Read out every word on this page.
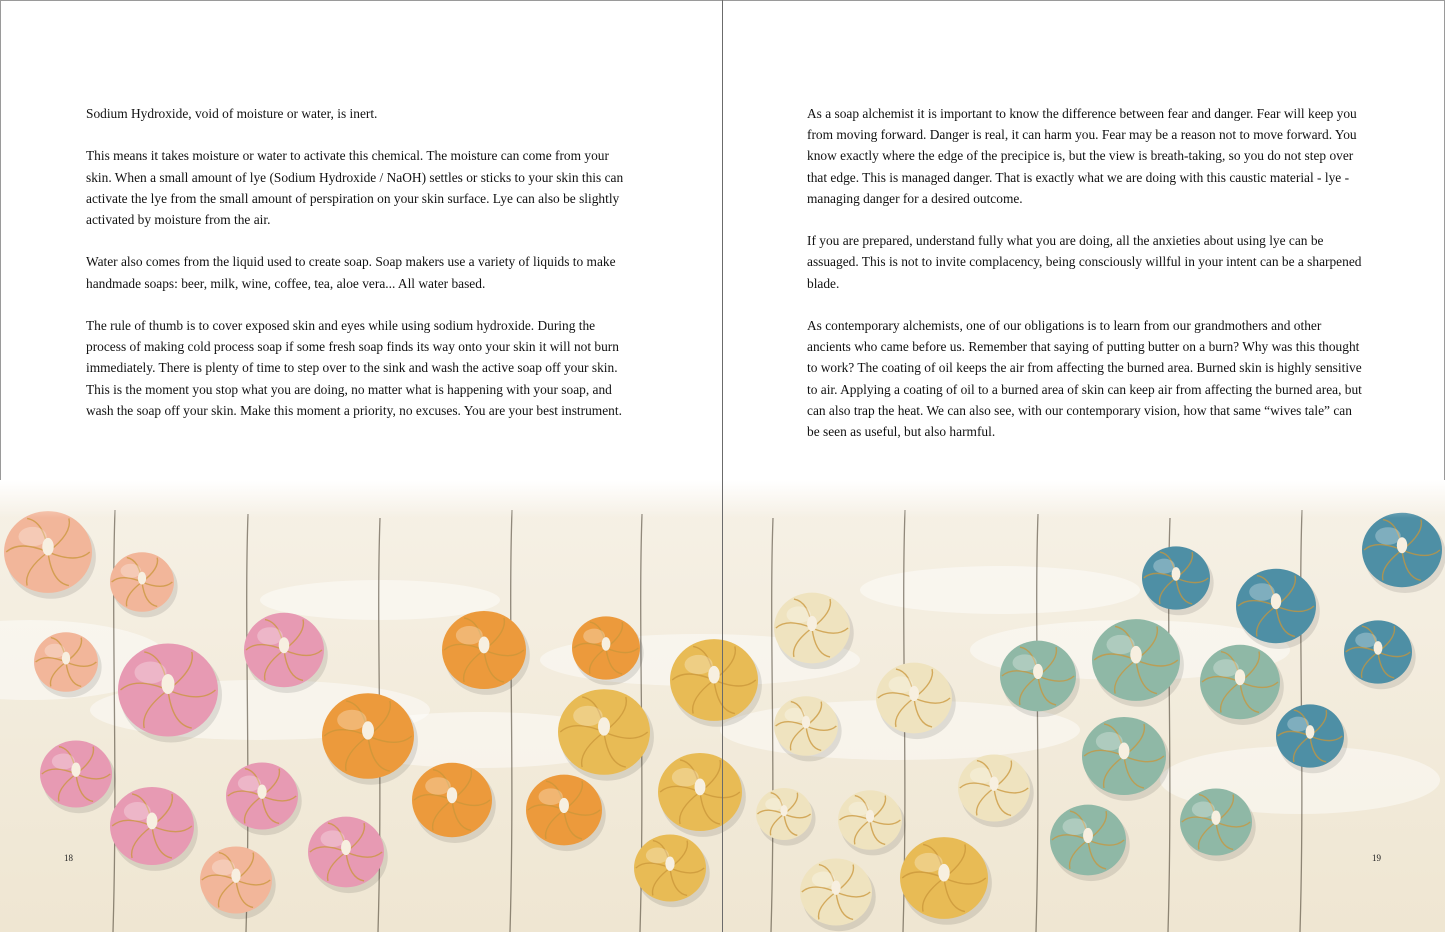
Sodium Hydroxide, void of moisture or water, is inert.

This means it takes moisture or water to activate this chemical. The moisture can come from your skin. When a small amount of lye (Sodium Hydroxide / NaOH) settles or sticks to your skin this can activate the lye from the small amount of perspiration on your skin surface. Lye can also be slightly activated by moisture from the air.

Water also comes from the liquid used to create soap. Soap makers use a variety of liquids to make handmade soaps: beer, milk, wine, coffee, tea, aloe vera... All water based.

The rule of thumb is to cover exposed skin and eyes while using sodium hydroxide. During the process of making cold process soap if some fresh soap finds its way onto your skin it will not burn immediately. There is plenty of time to step over to the sink and wash the active soap off your skin. This is the moment you stop what you are doing, no matter what is happening with your soap, and wash the soap off your skin. Make this moment a priority, no excuses. You are your best instrument.

18

As a soap alchemist it is important to know the difference between fear and danger. Fear will keep you from moving forward. Danger is real, it can harm you. Fear may be a reason not to move forward. You know exactly where the edge of the precipice is, but the view is breath-taking, so you do not step over that edge. This is managed danger. That is exactly what we are doing with this caustic material - lye - managing danger for a desired outcome.

If you are prepared, understand fully what you are doing, all the anxieties about using lye can be assuaged. This is not to invite complacency, being consciously willful in your intent can be a sharpened blade.

As contemporary alchemists, one of our obligations is to learn from our grandmothers and other ancients who came before us. Remember that saying of putting butter on a burn? Why was this thought to work? The coating of oil keeps the air from affecting the burned area. Burned skin is highly sensitive to air. Applying a coating of oil to a burned area of skin can keep air from affecting the burned area, but can also trap the heat. We can also see, with our contemporary vision, how that same “wives tale” can be seen as useful, but also harmful.

19
